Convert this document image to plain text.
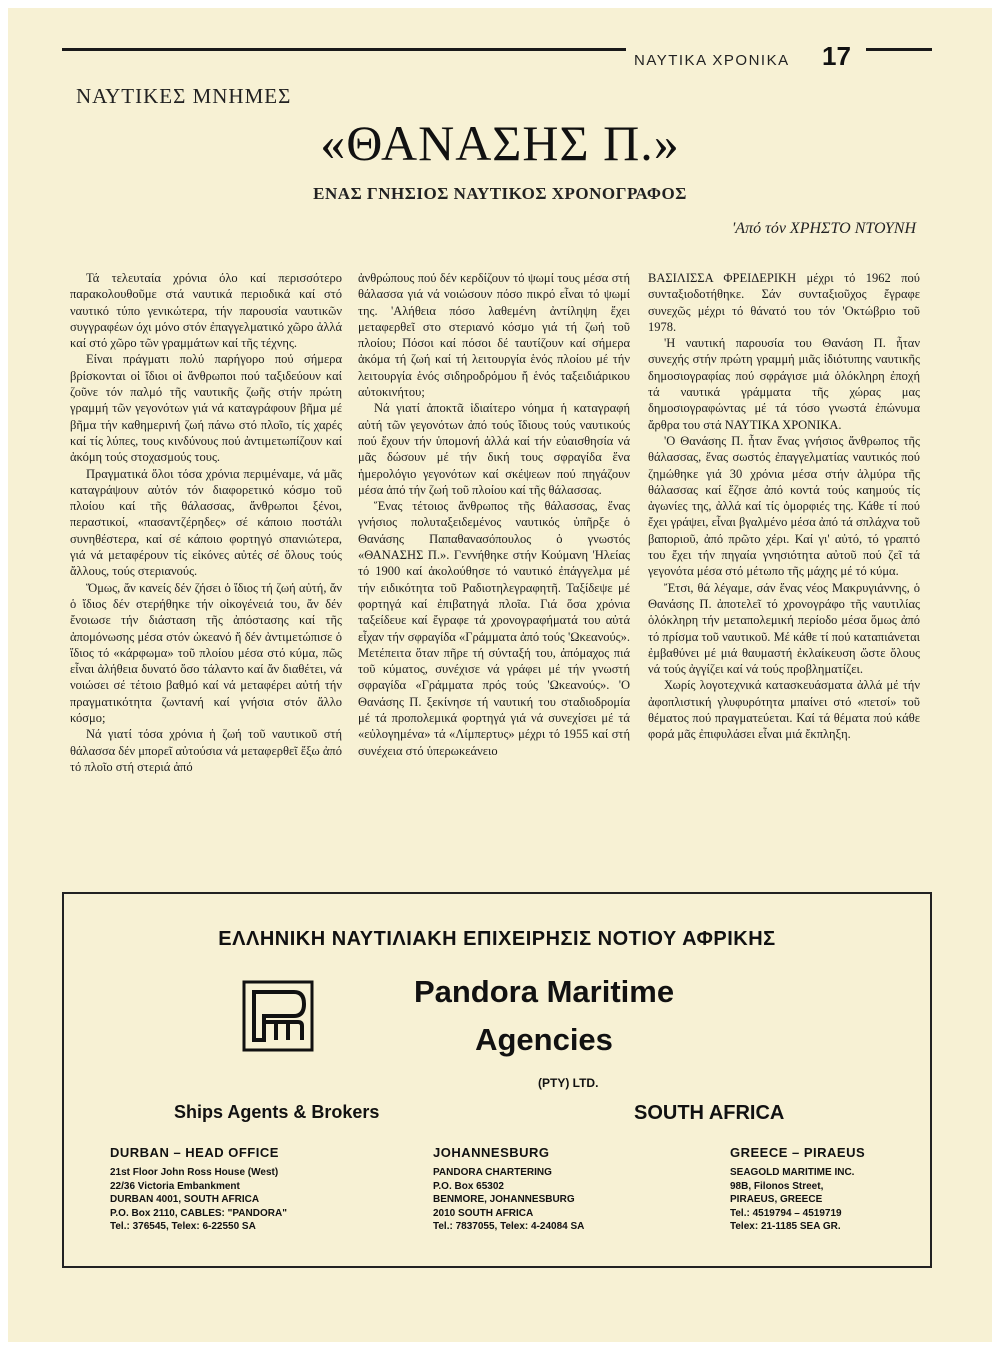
ΝΑΥΤΙΚΑ ΧΡΟΝΙΚΑ 17
ΝΑΥΤΙΚΕΣ ΜΝΗΜΕΣ
«ΘΑΝΑΣΗΣ Π.»
ΕΝΑΣ ΓΝΗΣΙΟΣ ΝΑΥΤΙΚΟΣ ΧΡΟΝΟΓΡΑΦΟΣ
'Από τόν ΧΡΗΣΤΟ ΝΤΟΥΝΗ

Τά τελευταία χρόνια όλο καί περισσότερο παρακολουθοῦμε στά ναυτικά περιοδικά καί στό ναυτικό τύπο γενικώτερα, τήν παρουσία ναυτικῶν συγγραφέων όχι μόνο στόν ἐπαγγελματικό χῶρο ἀλλά καί στό χῶρο τῶν γραμμάτων καί τῆς τέχνης.

Είναι πράγματι πολύ παρήγορο πού σήμερα βρίσκονται οἱ ἴδιοι οἱ ἄνθρωποι πού ταξιδεύουν καί ζοῦνε τόν παλμό τῆς ναυτικῆς ζωῆς στήν πρώτη γραμμή τῶν γεγονότων γιά νά καταγράφουν βῆμα μέ βῆμα τήν καθημερινή ζωή πάνω στό πλοῖο, τίς χαρές καί τίς λύπες, τους κινδύνους πού ἀντιμετωπίζουν καί ἀκόμη τούς στοχασμούς τους.

Πραγματικά ὅλοι τόσα χρόνια περιμέναμε, νά μᾶς καταγράψουν αὐτόν τόν διαφορετικό κόσμο τοῦ πλοίου καί τῆς θάλασσας, ἄνθρωποι ξένοι, περαστικοί, «πασαντζέρηδες» σέ κάποιο ποστάλι συνηθέστερα, καί σέ κάποιο φορτηγό σπανιώτερα, γιά νά μεταφέρουν τίς εἰκόνες αὐτές σέ ὅλους τούς ἄλλους, τούς στεριανούς.

Ὅμως, ἄν κανείς δέν ζήσει ὁ ἴδιος τή ζωή αὐτή, ἄν ὁ ἴδιος δέν στερήθηκε τήν οἰκογένειά του, ἄν δέν ἔνοιωσε τήν διάσταση τῆς ἀπόστασης καί τῆς ἀπομόνωσης μέσα στόν ὠκεανό ἤ δέν ἀντιμετώπισε ὁ ἴδιος τό «κάρφωμα» τοῦ πλοίου μέσα στό κύμα, πῶς εἶναι ἀλήθεια δυνατό ὅσο τάλαντο καί ἄν διαθέτει, νά νοιώσει σέ τέτοιο βαθμό καί νά μεταφέρει αὐτή τήν πραγματικότητα ζωντανή καί γνήσια στόν ἄλλο κόσμο;

Νά γιατί τόσα χρόνια ἡ ζωή τοῦ ναυτικοῦ στή θάλασσα δέν μπορεῖ αὐτούσια νά μεταφερθεῖ ἔξω ἀπό τό πλοῖο στή στεριά ἀπό

ἀνθρώπους πού δέν κερδίζουν τό ψωμί τους μέσα στή θάλασσα γιά νά νοιώσουν πόσο πικρό εἶναι τό ψωμί της. 'Αλήθεια πόσο λαθεμένη ἀντίληψη ἔχει μεταφερθεῖ στο στεριανό κόσμο γιά τή ζωή τοῦ πλοίου; Πόσοι καί πόσοι δέ ταυτίζουν καί σήμερα ἀκόμα τή ζωή καί τή λειτουργία ἑνός πλοίου μέ τήν λειτουργία ἑνός σιδηροδρόμου ἤ ἑνός ταξειδιάρικου αὐτοκινήτου;

Νά γιατί ἀποκτᾶ ἰδιαίτερο νόημα ἡ καταγραφή αὐτή τῶν γεγονότων ἀπό τούς ἴδιους τούς ναυτικούς πού ἔχουν τήν ὑπομονή ἀλλά καί τήν εὐαισθησία νά μᾶς δώσουν μέ τήν δική τους σφραγίδα ἕνα ἡμερολόγιο γεγονότων καί σκέψεων πού πηγάζουν μέσα ἀπό τήν ζωή τοῦ πλοίου καί τῆς θάλασσας.

Ἕνας τέτοιος ἄνθρωπος τῆς θάλασσας, ἕνας γνήσιος πολυταξειδεμένος ναυτικός ὑπῆρξε ὁ Θανάσης Παπαθανασόπουλος ὁ γνωστός «ΘΑΝΑΣΗΣ Π.». Γεννήθηκε στήν Κούμανη 'Ηλείας τό 1900 καί ἀκολούθησε τό ναυτικό ἐπάγγελμα μέ τήν ειδικότητα τοῦ Ραδιοτηλεγραφητῆ. Ταξίδεψε μέ φορτηγά καί ἐπιβατηγά πλοῖα. Γιά ὅσα χρόνια ταξείδευε καί ἔγραφε τά χρονογραφήματά του αὐτά εἶχαν τήν σφραγίδα «Γράμματα ἀπό τούς 'Ωκεανούς». Μετέπειτα ὅταν πῆρε τή σύνταξή του, ἀπόμαχος πιά τοῦ κύματος, συνέχισε νά γράφει μέ τήν γνωστή σφραγίδα «Γράμματα πρός τούς 'Ωκεανούς». 'Ο Θανάσης Π. ξεκίνησε τή ναυτική του σταδιοδρομία μέ τά προπολεμικά φορτηγά γιά νά συνεχίσει μέ τά «εὐλογημένα» τά «Λίμπερτυς» μέχρι τό 1955 καί στή συνέχεια στό ὑπερωκεάνειο

ΒΑΣΙΛΙΣΣΑ ΦΡΕΙΔΕΡΙΚΗ μέχρι τό 1962 πού συνταξιοδοτήθηκε. Σάν συνταξιοῦχος ἔγραφε συνεχῶς μέχρι τό θάνατό του τόν 'Οκτώβριο τοῦ 1978.

'Η ναυτική παρουσία του Θανάση Π. ἦταν συνεχής στήν πρώτη γραμμή μιᾶς ἰδιότυπης ναυτικῆς δημοσιογραφίας πού σφράγισε μιά ὁλόκληρη ἐποχή τά ναυτικά γράμματα τῆς χώρας μας δημοσιογραφώντας μέ τά τόσο γνωστά ἐπώνυμα ἄρθρα του στά ΝΑΥΤΙΚΑ ΧΡΟΝΙΚΑ.

'Ο Θανάσης Π. ἦταν ἕνας γνήσιος ἄνθρωπος τῆς θάλασσας, ἕνας σωστός ἐπαγγελματίας ναυτικός πού ζημώθηκε γιά 30 χρόνια μέσα στήν ἁλμύρα τῆς θάλασσας καί ἔζησε ἀπό κοντά τούς καημούς τίς ἀγωνίες της, ἀλλά καί τίς ὀμορφιές της. Κάθε τί πού ἔχει γράψει, εἶναι βγαλμένο μέσα ἀπό τά σπλάχνα τοῦ βαποριοῦ, ἀπό πρῶτο χέρι. Καί γι' αὐτό, τό γραπτό του ἔχει τήν πηγαία γνησιότητα αὐτοῦ πού ζεῖ τά γεγονότα μέσα στό μέτωπο τῆς μάχης μέ τό κύμα.

Ἔτσι, θά λέγαμε, σάν ἕνας νέος Μακρυγιάννης, ὁ Θανάσης Π. ἀποτελεῖ τό χρονογράφο τῆς ναυτιλίας ὁλόκληρη τήν μεταπολεμική περίοδο μέσα ὅμως ἀπό τό πρίσμα τοῦ ναυτικοῦ. Μέ κάθε τί πού καταπιάνεται ἐμβαθύνει μέ μιά θαυμαστή ἐκλαίκευση ὥστε ὅλους νά τούς ἀγγίζει καί νά τούς προβληματίζει.

Χωρίς λογοτεχνικά κατασκευάσματα ἀλλά μέ τήν ἀφοπλιστική γλυφυρότητα μπαίνει στό «πετσί» τοῦ θέματος πού πραγματεύεται. Καί τά θέματα πού κάθε φορά μᾶς ἐπιφυλάσει εἶναι μιά ἔκπληξη.

ΕΛΛΗΝΙΚΗ ΝΑΥΤΙΛΙΑΚΗ ΕΠΙΧΕΙΡΗΣΙΣ ΝΟΤΙΟΥ ΑΦΡΙΚΗΣ
Pandora Maritime
Agencies
(PTY) LTD.
Ships Agents & Brokers	SOUTH AFRICA
DURBAN – HEAD OFFICE
21st Floor John Ross House (West)
22/36 Victoria Embankment
DURBAN 4001, SOUTH AFRICA
P.O. Box 2110, CABLES: "PANDORA"
Tel.: 376545, Telex: 6-22550 SA
JOHANNESBURG
PANDORA CHARTERING
P.O. Box 65302
BENMORE, JOHANNESBURG
2010 SOUTH AFRICA
Tel.: 7837055, Telex: 4-24084 SA
GREECE – PIRAEUS
SEAGOLD MARITIME INC.
98B, Filonos Street,
PIRAEUS, GREECE
Tel.: 4519794 – 4519719
Telex: 21-1185 SEA GR.
